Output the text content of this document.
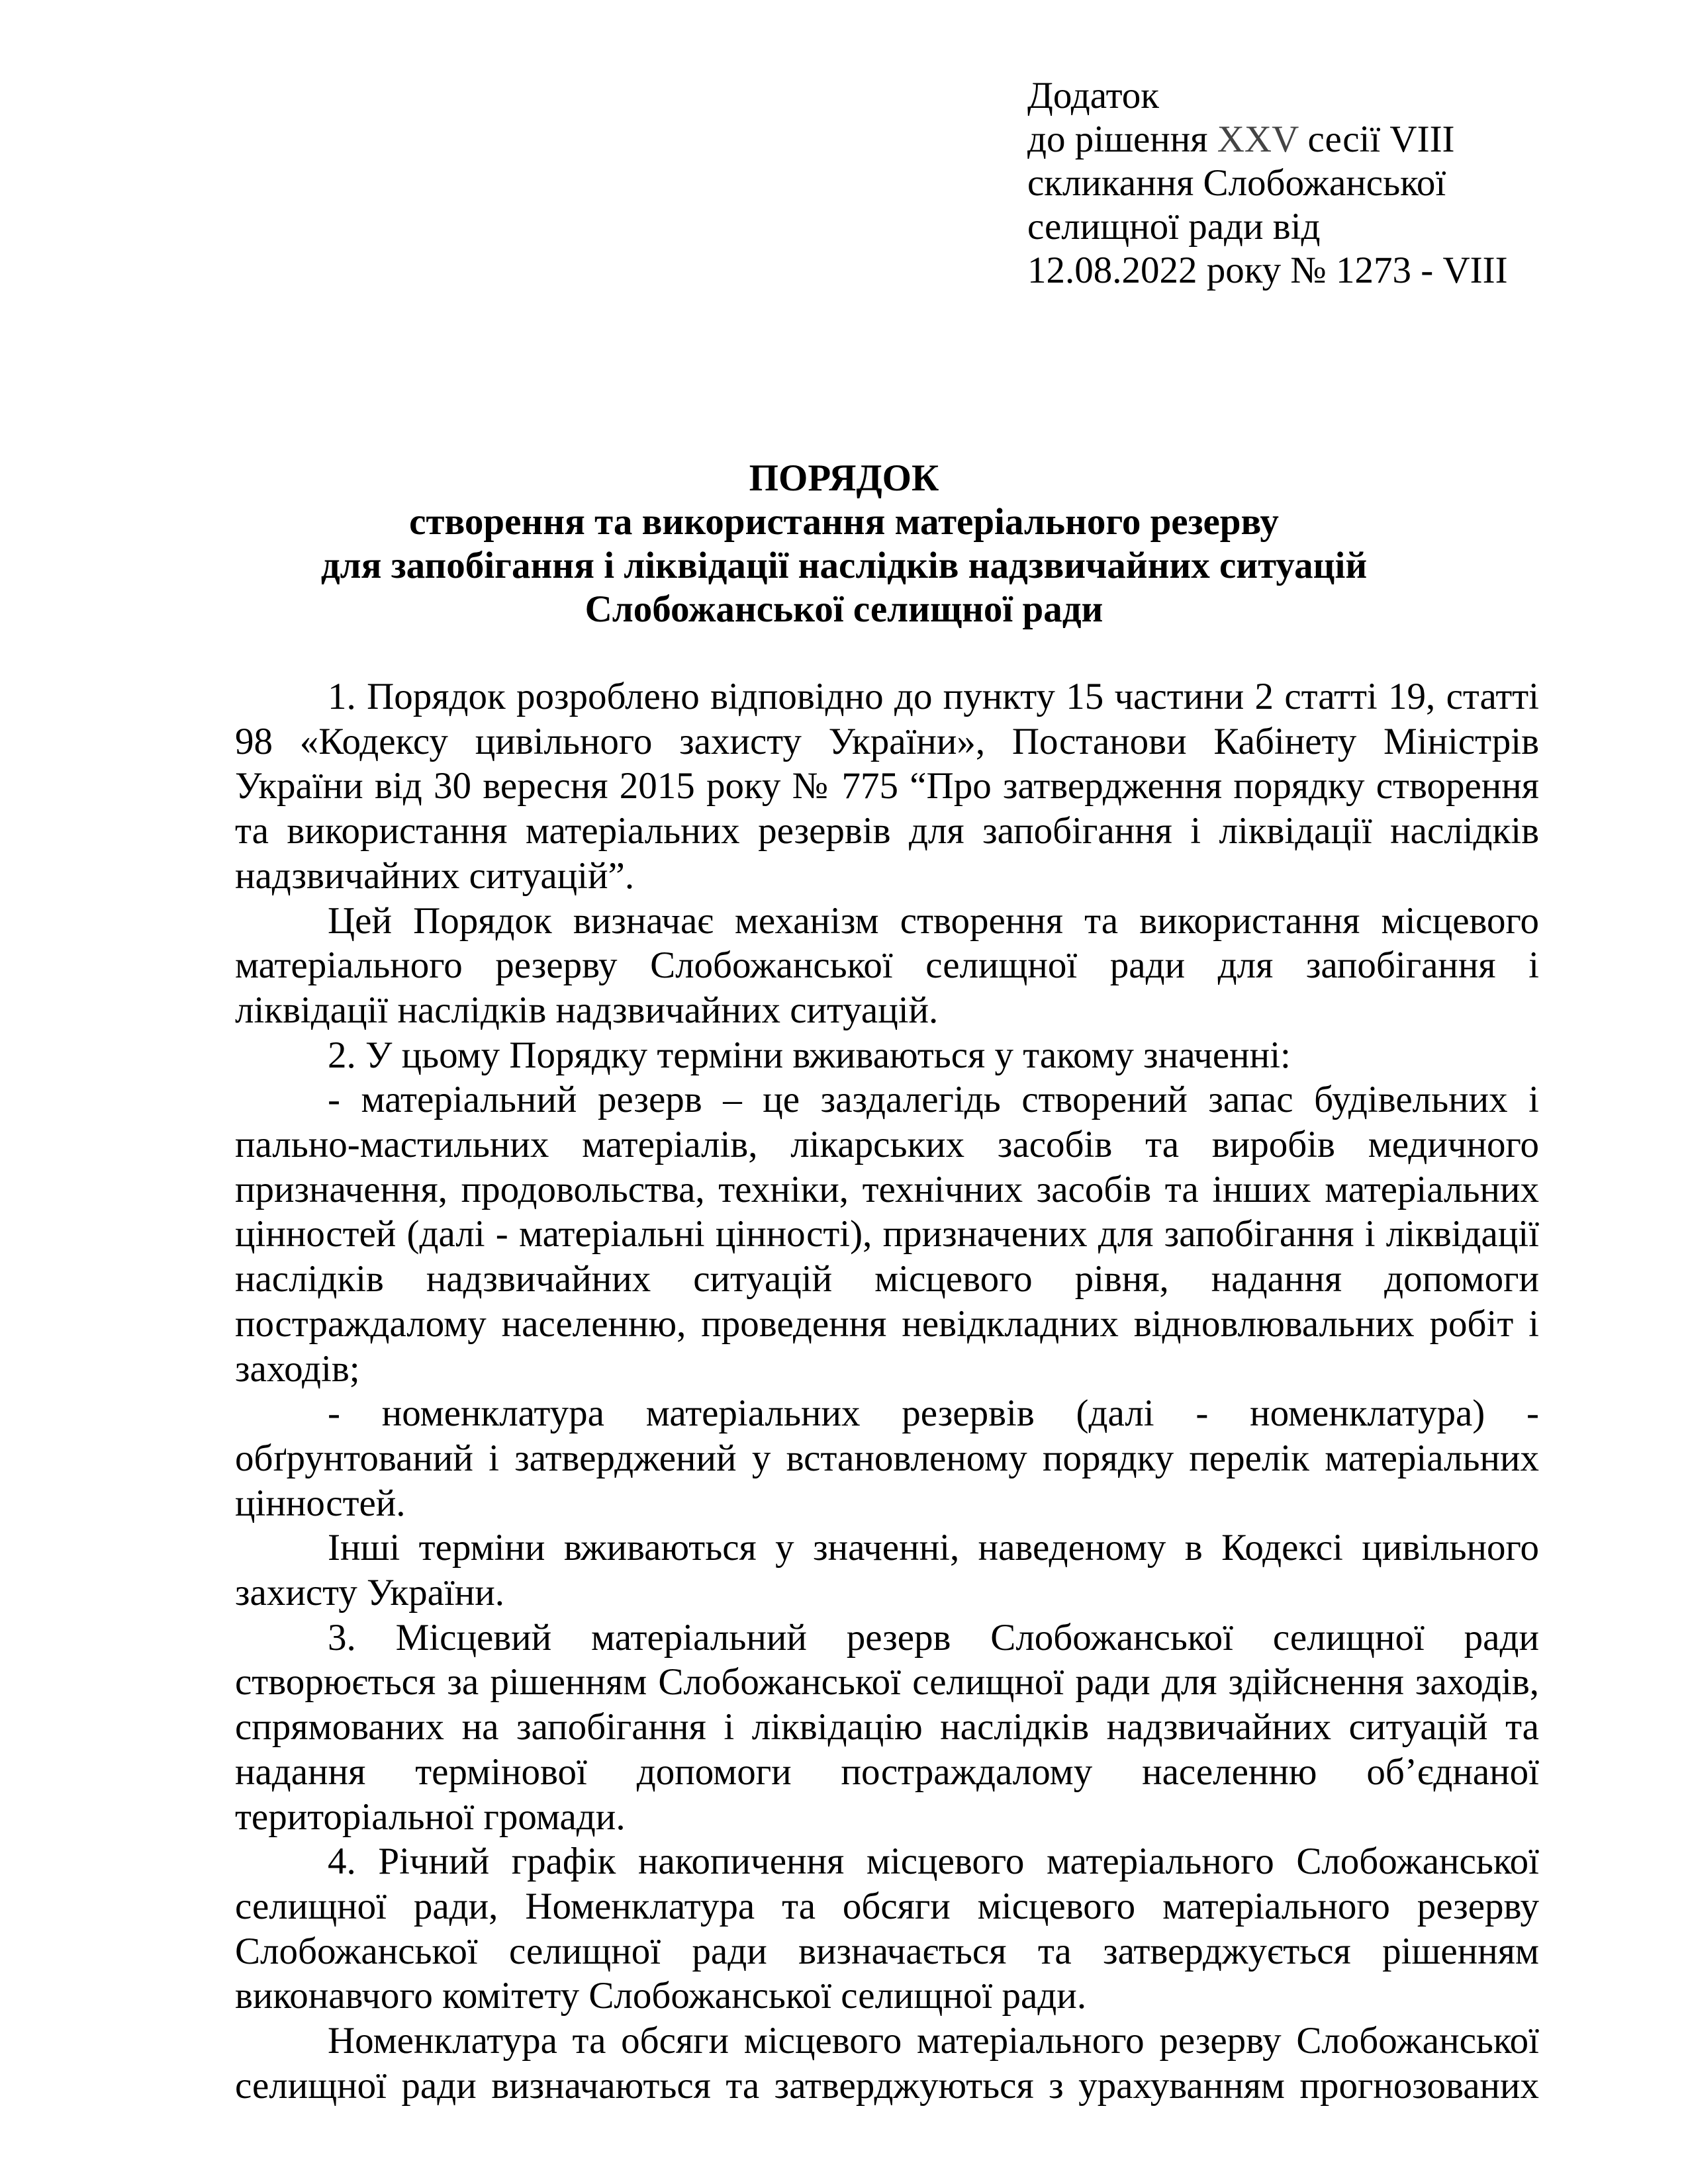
Додаток
до рішення XXV сесії VIII
скликання Слобожанської
селищної ради від
12.08.2022 року № 1273 - VIII
ПОРЯДОК
створення та використання матеріального резерву
для запобігання і ліквідації наслідків надзвичайних ситуацій
Слобожанської селищної ради
1. Порядок розроблено відповідно до пункту 15 частини 2 статті 19, статті
98 «Кодексу цивільного захисту України», Постанови Кабінету Міністрів
України від 30 вересня 2015 року № 775 “Про затвердження порядку створення
та використання матеріальних резервів для запобігання і ліквідації наслідків
надзвичайних ситуацій”.
Цей Порядок визначає механізм створення та використання місцевого
матеріального резерву Слобожанської селищної ради для запобігання і
ліквідації наслідків надзвичайних ситуацій.
2. У цьому Порядку терміни вживаються у такому значенні:
- матеріальний резерв – це заздалегідь створений запас будівельних і
пально-мастильних матеріалів, лікарських засобів та виробів медичного
призначення, продовольства, техніки, технічних засобів та інших матеріальних
цінностей (далі - матеріальні цінності), призначених для запобігання і ліквідації
наслідків надзвичайних ситуацій місцевого рівня, надання допомоги
постраждалому населенню, проведення невідкладних відновлювальних робіт і
заходів;
- номенклатура матеріальних резервів (далі - номенклатура) -
обґрунтований і затверджений у встановленому порядку перелік матеріальних
цінностей.
Інші терміни вживаються у значенні, наведеному в Кодексі цивільного
захисту України.
3. Місцевий матеріальний резерв Слобожанської селищної ради
створюється за рішенням Слобожанської селищної ради для здійснення заходів,
спрямованих на запобігання і ліквідацію наслідків надзвичайних ситуацій та
надання термінової допомоги постраждалому населенню об’єднаної
територіальної громади.
4. Річний графік накопичення місцевого матеріального Слобожанської
селищної ради, Номенклатура та обсяги місцевого матеріального резерву
Слобожанської селищної ради визначається та затверджується рішенням
виконавчого комітету Слобожанської селищної ради.
Номенклатура та обсяги місцевого матеріального резерву Слобожанської
селищної ради визначаються та затверджуються з урахуванням прогнозованих
